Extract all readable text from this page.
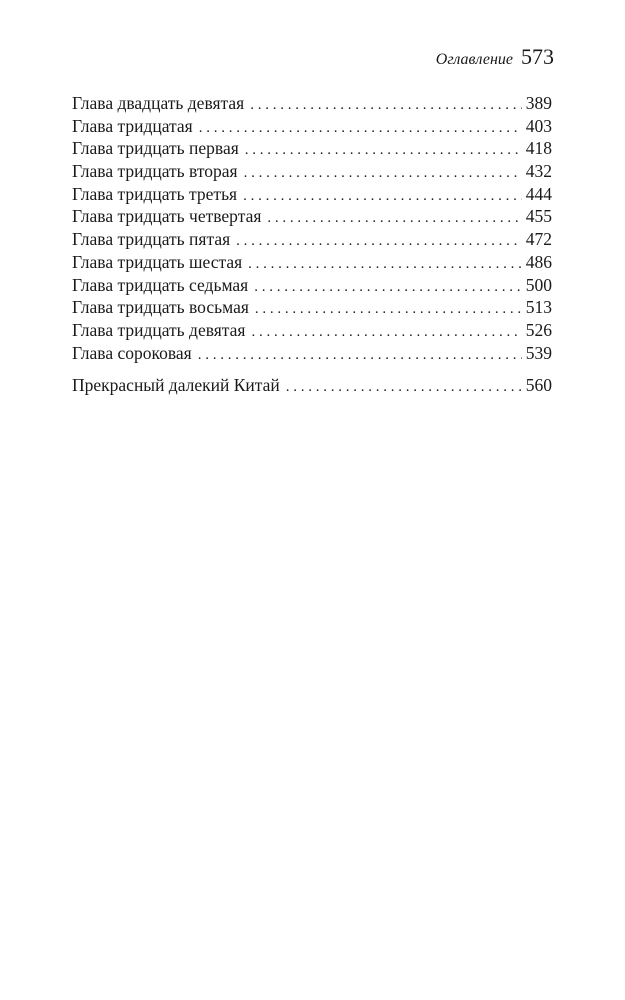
Оглавление 573
Глава двадцать девятая . . .	389
Глава тридцатая . . .	403
Глава тридцать первая . . .	418
Глава тридцать вторая . . .	432
Глава тридцать третья . . .	444
Глава тридцать четвертая . . .	455
Глава тридцать пятая . . .	472
Глава тридцать шестая . . .	486
Глава тридцать седьмая . . .	500
Глава тридцать восьмая . . .	513
Глава тридцать девятая . . .	526
Глава сороковая . . .	539
Прекрасный далекий Китай . . .	560
